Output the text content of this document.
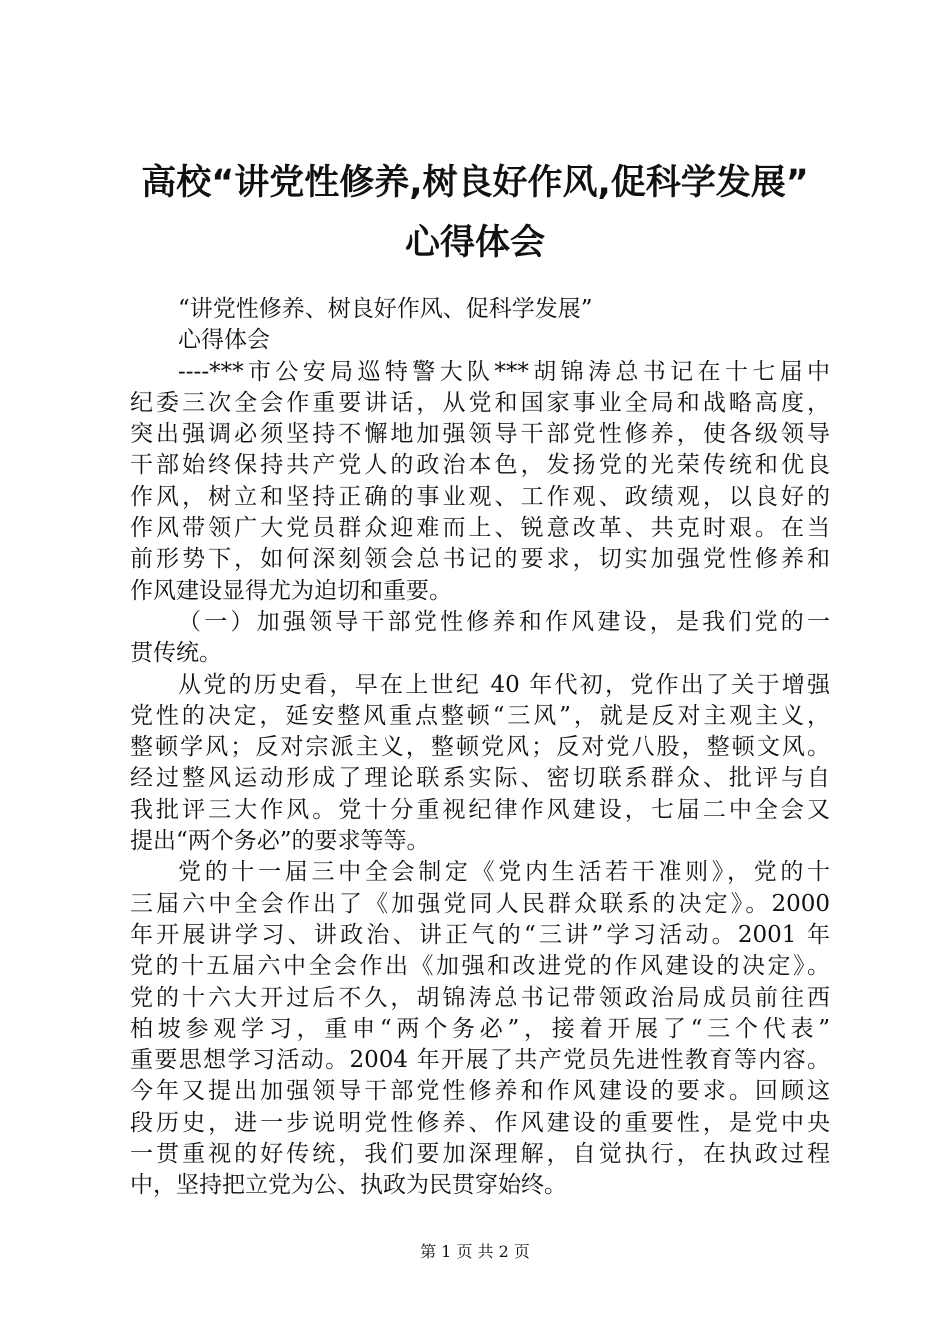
高校“讲党性修养,树良好作风,促科学发展”
心得体会
“讲党性修养、树良好作风、促科学发展”
心得体会
----***市公安局巡特警大队***胡锦涛总书记在十七届中
纪委三次全会作重要讲话，从党和国家事业全局和战略高度，
突出强调必须坚持不懈地加强领导干部党性修养，使各级领导
干部始终保持共产党人的政治本色，发扬党的光荣传统和优良
作风，树立和坚持正确的事业观、工作观、政绩观，以良好的
作风带领广大党员群众迎难而上、锐意改革、共克时艰。在当
前形势下，如何深刻领会总书记的要求，切实加强党性修养和
作风建设显得尤为迫切和重要。
（一）加强领导干部党性修养和作风建设，是我们党的一
贯传统。
从党的历史看，早在上世纪 40 年代初，党作出了关于增强
党性的决定，延安整风重点整顿“三风”，就是反对主观主义，
整顿学风；反对宗派主义，整顿党风；反对党八股，整顿文风。
经过整风运动形成了理论联系实际、密切联系群众、批评与自
我批评三大作风。党十分重视纪律作风建设，七届二中全会又
提出“两个务必”的要求等等。
党的十一届三中全会制定《党内生活若干准则》，党的十
三届六中全会作出了《加强党同人民群众联系的决定》。2000
年开展讲学习、讲政治、讲正气的“三讲”学习活动。2001 年
党的十五届六中全会作出《加强和改进党的作风建设的决定》。
党的十六大开过后不久，胡锦涛总书记带领政治局成员前往西
柏坡参观学习，重申“两个务必”，接着开展了“三个代表”
重要思想学习活动。2004 年开展了共产党员先进性教育等内容。
今年又提出加强领导干部党性修养和作风建设的要求。回顾这
段历史，进一步说明党性修养、作风建设的重要性，是党中央
一贯重视的好传统，我们要加深理解，自觉执行，在执政过程
中，坚持把立党为公、执政为民贯穿始终。
第 1 页 共 2 页
